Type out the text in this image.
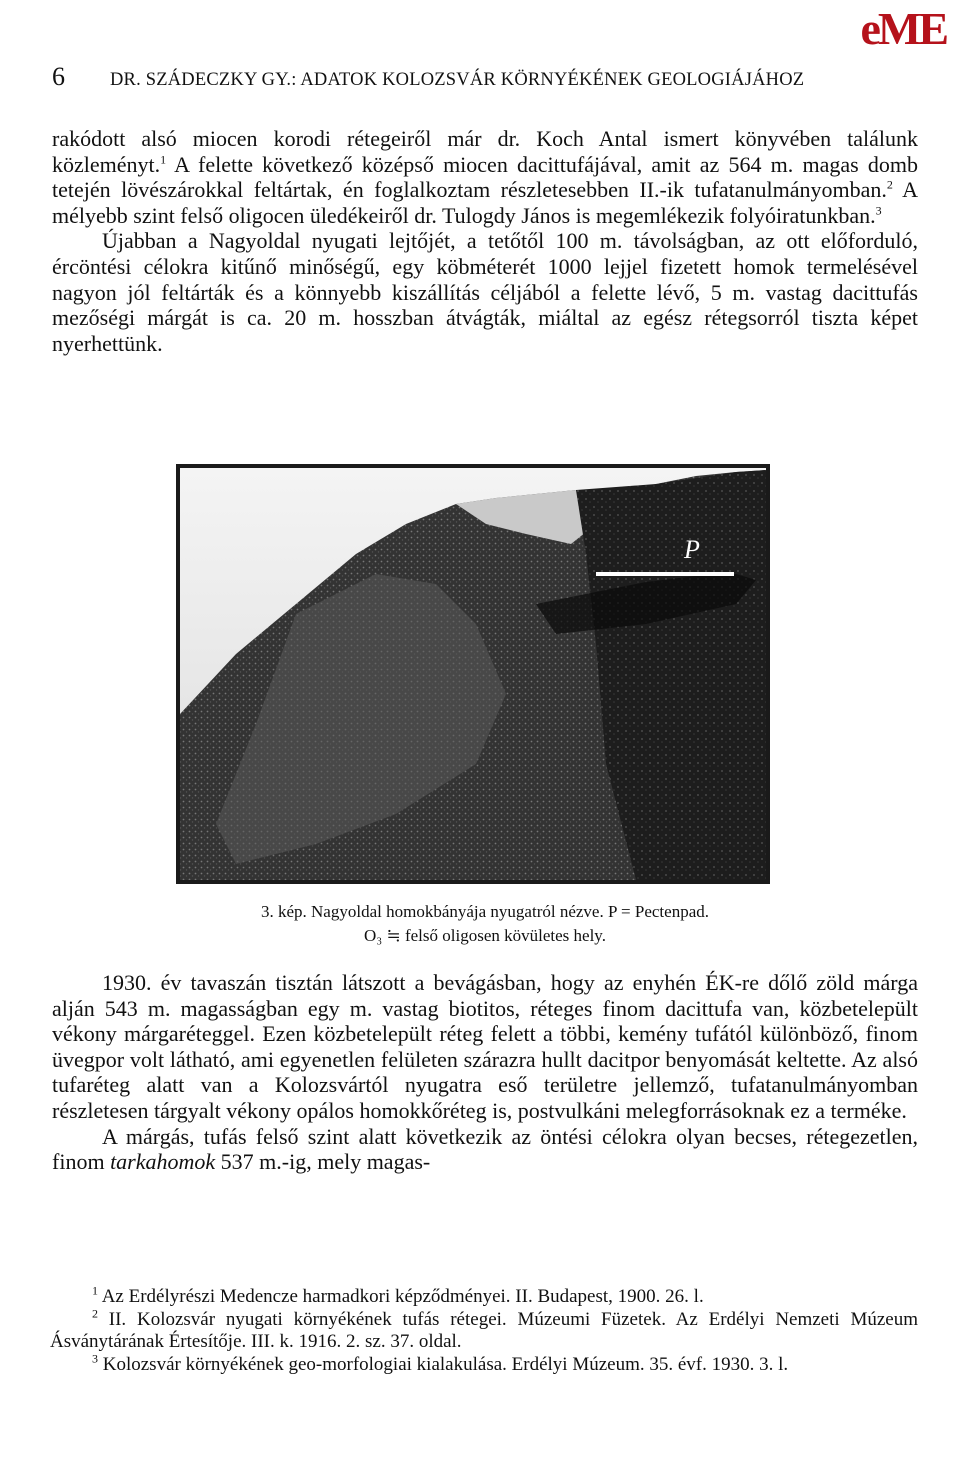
eME
6 DR. SZÁDECZKY GY.: ADATOK KOLOZSVÁR KÖRNYÉKÉNEK GEOLOGIÁJÁHOZ

rakódott alsó miocen korodi rétegeiről már dr. Koch Antal ismert könyvében találunk közleményt.$^1$ A felette következő középső miocen dacittufájával, amit az 564 m. magas domb tetején lövészárokkal feltártak, én foglalkoztam részletesebben II.-ik tufatanulmányomban.$^2$ A mélyebb szint felső oligocen üledékeiről dr. Tulogdy János is megemlékezik folyóiratunkban.$^3$

Újabban a Nagyoldal nyugati lejtőjét, a tetőtől 100 m. távolságban, az ott előforduló, ércöntési célokra kitűnő minőségű, egy köbméterét 1000 lejjel fizetett homok termelésével nagyon jól feltárták és a könnyebb kiszállítás céljából a felette lévő, 5 m. vastag dacittufás mezőségi márgát is ca. 20 m. hosszban átvágták, miáltal az egész rétegsorról tiszta képet nyerhettünk.

P
3. kép. Nagyoldal homokbányája nyugatról nézve. P = Pectenpad.
O₃ ≒ felső oligosen kövületes hely.

1930. év tavaszán tisztán látszott a bevágásban, hogy az enyhén ÉK-re dőlő zöld márga alján 543 m. magasságban egy m. vastag biotitos, réteges finom dacittufa van, közbetelepült vékony márgaréteggel. Ezen közbetelepült réteg felett a többi, kemény tufától különböző, finom üvegpor volt látható, ami egyenetlen felületen szárazra hullt dacitpor benyomását keltette. Az alsó tufaréteg alatt van a Kolozsvártól nyugatra eső területre jellemző, tufatanulmányomban részletesen tárgyalt vékony opálos homokkőréteg is, postvulkáni melegforrásoknak ez a terméke.

A márgás, tufás felső szint alatt következik az öntési célokra olyan becses, rétegezetlen, finom tarkahomok 537 m.-ig, mely magas-

$^1$ Az Erdélyrészi Medencze harmadkori képződményei. II. Budapest, 1900. 26. l.

$^2$ II. Kolozsvár nyugati környékének tufás rétegei. Múzeumi Füzetek. Az Erdélyi Nemzeti Múzeum Ásványtárának Értesítője. III. k. 1916. 2. sz. 37. oldal.

$^3$ Kolozsvár környékének geo-morfologiai kialakulása. Erdélyi Múzeum. 35. évf. 1930. 3. l.
